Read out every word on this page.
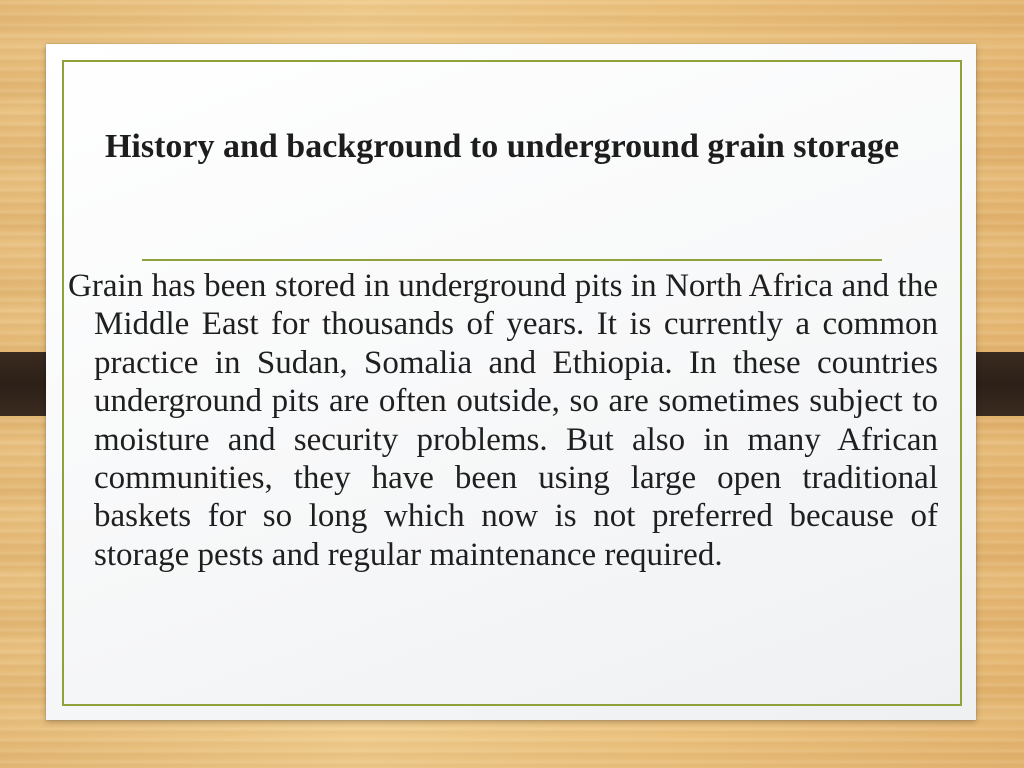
History and background to underground grain storage

Grain has been stored in underground pits in North Africa and the Middle East for thousands of years. It is currently a common practice in Sudan, Somalia and Ethiopia. In these countries underground pits are often outside, so are sometimes subject to moisture and security problems. But also in many African communities, they have been using large open traditional baskets for so long which now is not preferred because of storage pests and regular maintenance required.
